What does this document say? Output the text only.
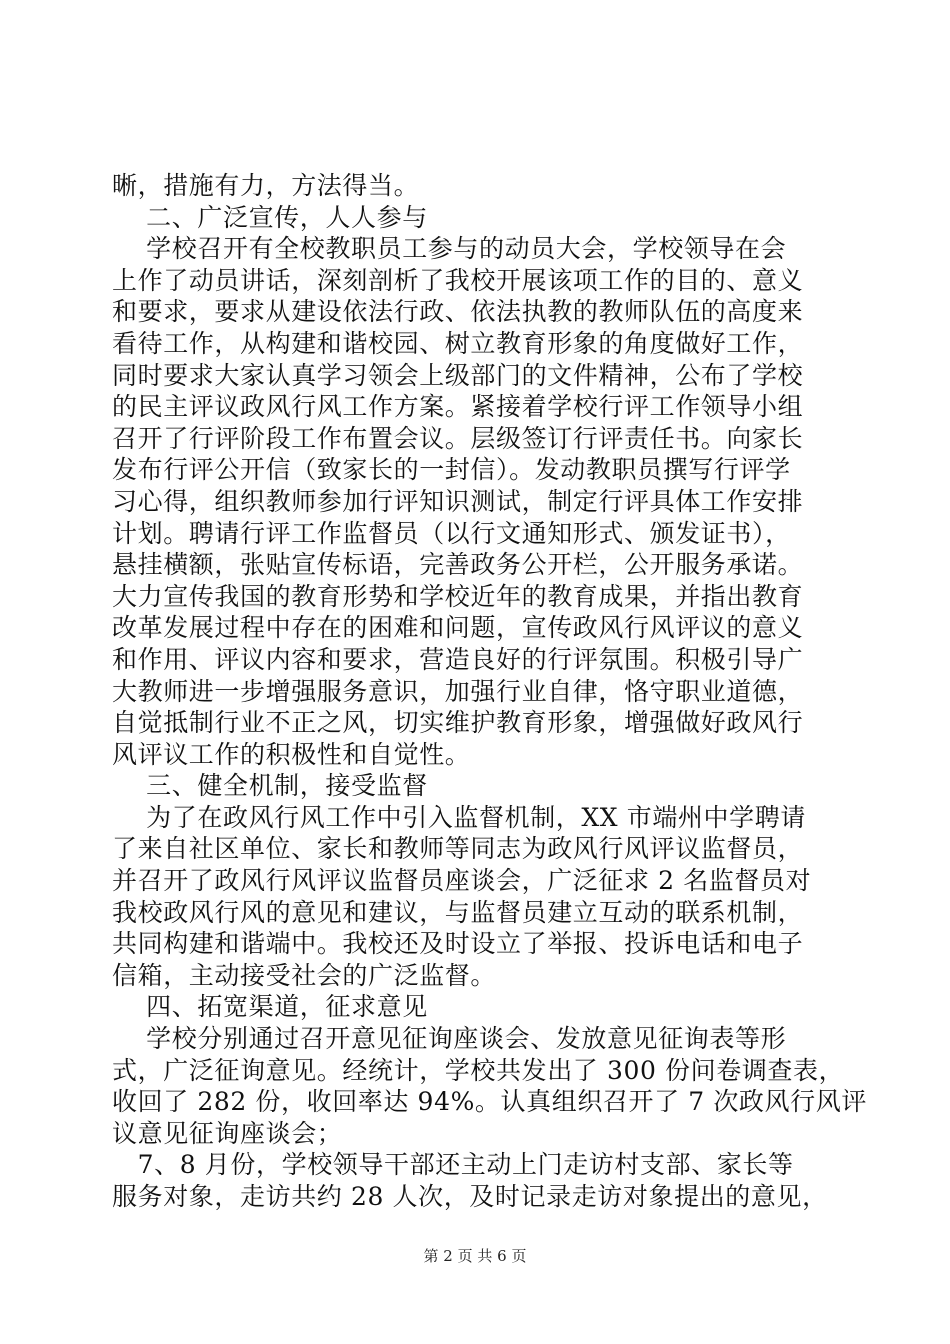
晰，措施有力，方法得当。
二、广泛宣传，人人参与
学校召开有全校教职员工参与的动员大会，学校领导在会
上作了动员讲话，深刻剖析了我校开展该项工作的目的、意义
和要求，要求从建设依法行政、依法执教的教师队伍的高度来
看待工作，从构建和谐校园、树立教育形象的角度做好工作，
同时要求大家认真学习领会上级部门的文件精神，公布了学校
的民主评议政风行风工作方案。紧接着学校行评工作领导小组
召开了行评阶段工作布置会议。层级签订行评责任书。向家长
发布行评公开信（致家长的一封信）。发动教职员撰写行评学
习心得，组织教师参加行评知识测试，制定行评具体工作安排
计划。聘请行评工作监督员（以行文通知形式、颁发证书），
悬挂横额，张贴宣传标语，完善政务公开栏，公开服务承诺。
大力宣传我国的教育形势和学校近年的教育成果，并指出教育
改革发展过程中存在的困难和问题，宣传政风行风评议的意义
和作用、评议内容和要求，营造良好的行评氛围。积极引导广
大教师进一步增强服务意识，加强行业自律，恪守职业道德，
自觉抵制行业不正之风，切实维护教育形象，增强做好政风行
风评议工作的积极性和自觉性。
三、健全机制，接受监督
为了在政风行风工作中引入监督机制，XX 市端州中学聘请
了来自社区单位、家长和教师等同志为政风行风评议监督员，
并召开了政风行风评议监督员座谈会，广泛征求 2 名监督员对
我校政风行风的意见和建议，与监督员建立互动的联系机制，
共同构建和谐端中。我校还及时设立了举报、投诉电话和电子
信箱，主动接受社会的广泛监督。
四、拓宽渠道，征求意见
学校分别通过召开意见征询座谈会、发放意见征询表等形
式，广泛征询意见。经统计，学校共发出了 300 份问卷调查表，
收回了 282 份，收回率达 94%。认真组织召开了 7 次政风行风评
议意见征询座谈会；
7、8 月份，学校领导干部还主动上门走访村支部、家长等
服务对象，走访共约 28 人次，及时记录走访对象提出的意见，
第 2 页 共 6 页
